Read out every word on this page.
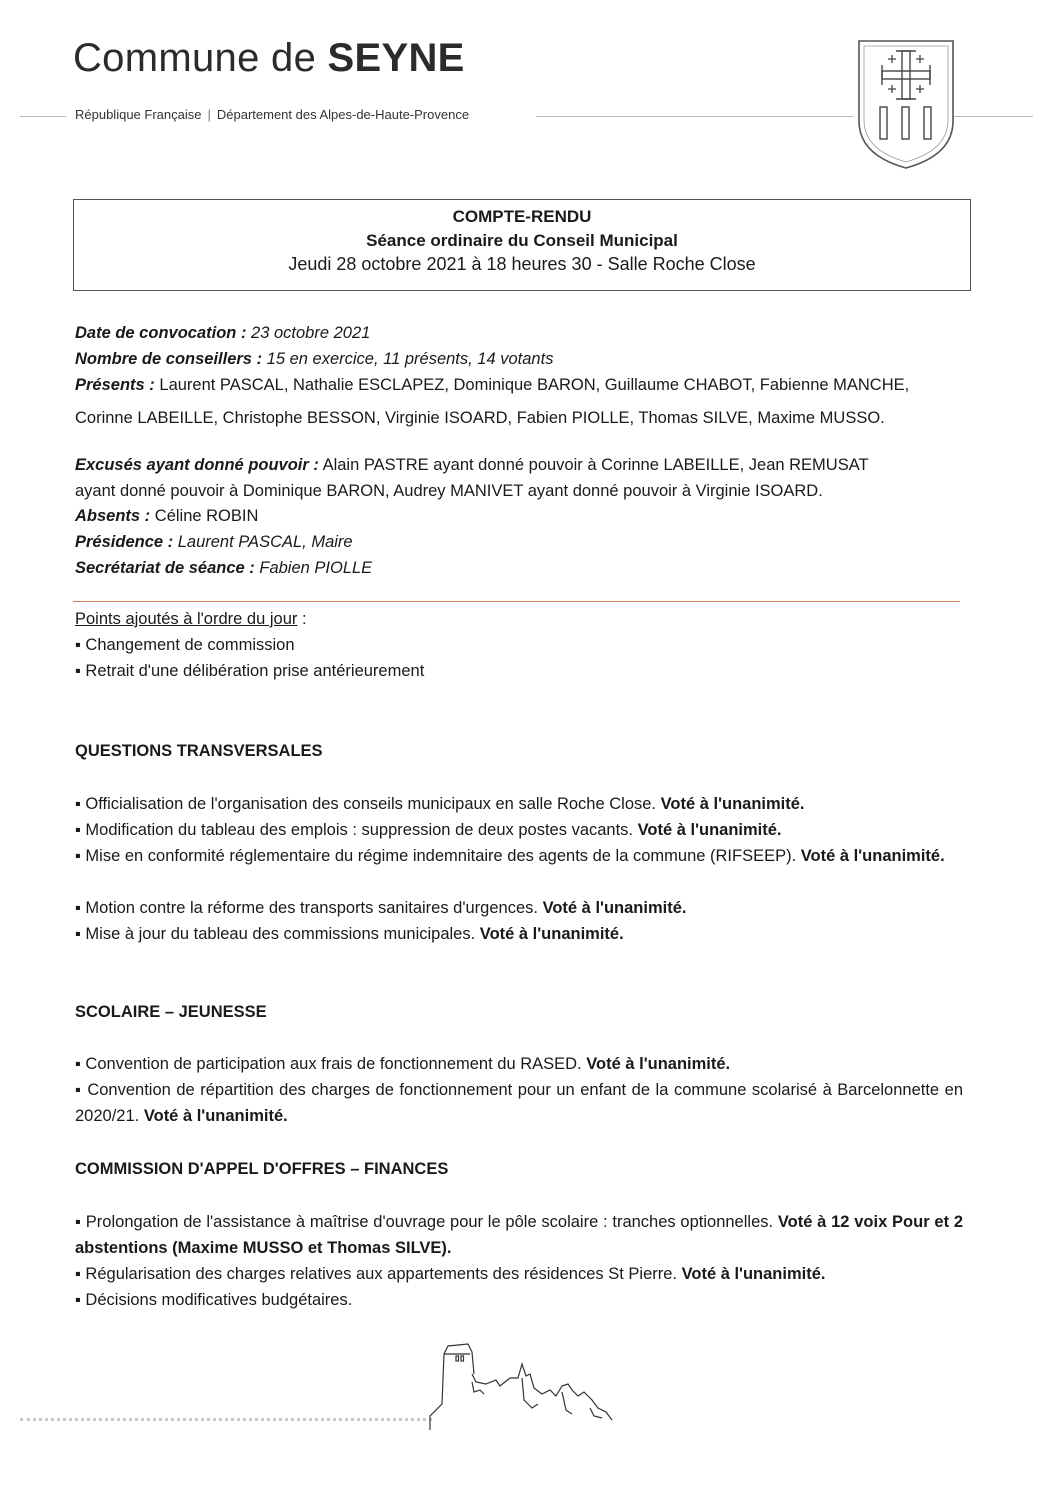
Commune de SEYNE
République Française | Département des Alpes-de-Haute-Provence
COMPTE-RENDU
Séance ordinaire du Conseil Municipal
Jeudi 28 octobre 2021 à 18 heures 30 - Salle Roche Close
Date de convocation : 23 octobre 2021
Nombre de conseillers : 15 en exercice, 11 présents, 14 votants
Présents : Laurent PASCAL, Nathalie ESCLAPEZ, Dominique BARON, Guillaume CHABOT, Fabienne MANCHE,
Corinne LABEILLE, Christophe BESSON, Virginie ISOARD, Fabien PIOLLE, Thomas SILVE, Maxime MUSSO.
Excusés ayant donné pouvoir : Alain PASTRE ayant donné pouvoir à Corinne LABEILLE, Jean REMUSAT
ayant donné pouvoir à Dominique BARON, Audrey MANIVET ayant donné pouvoir à Virginie ISOARD.
Absents : Céline ROBIN
Présidence : Laurent PASCAL, Maire
Secrétariat de séance : Fabien PIOLLE
Points ajoutés à l'ordre du jour :
▪ Changement de commission
▪ Retrait d'une délibération prise antérieurement
QUESTIONS TRANSVERSALES
▪ Officialisation de l'organisation des conseils municipaux en salle Roche Close. Voté à l'unanimité.
▪ Modification du tableau des emplois : suppression de deux postes vacants. Voté à l'unanimité.
▪ Mise en conformité réglementaire du régime indemnitaire des agents de la commune (RIFSEEP). Voté à l'unanimité.
▪ Motion contre la réforme des transports sanitaires d'urgences. Voté à l'unanimité.
▪ Mise à jour du tableau des commissions municipales. Voté à l'unanimité.
SCOLAIRE – JEUNESSE
▪ Convention de participation aux frais de fonctionnement du RASED. Voté à l'unanimité.
▪ Convention de répartition des charges de fonctionnement pour un enfant de la commune scolarisé à Barcelonnette en 2020/21. Voté à l'unanimité.
COMMISSION D'APPEL D'OFFRES – FINANCES
▪ Prolongation de l'assistance à maîtrise d'ouvrage pour le pôle scolaire : tranches optionnelles. Voté à 12 voix Pour et 2 abstentions (Maxime MUSSO et Thomas SILVE).
▪ Régularisation des charges relatives aux appartements des résidences St Pierre. Voté à l'unanimité.
▪ Décisions modificatives budgétaires.
